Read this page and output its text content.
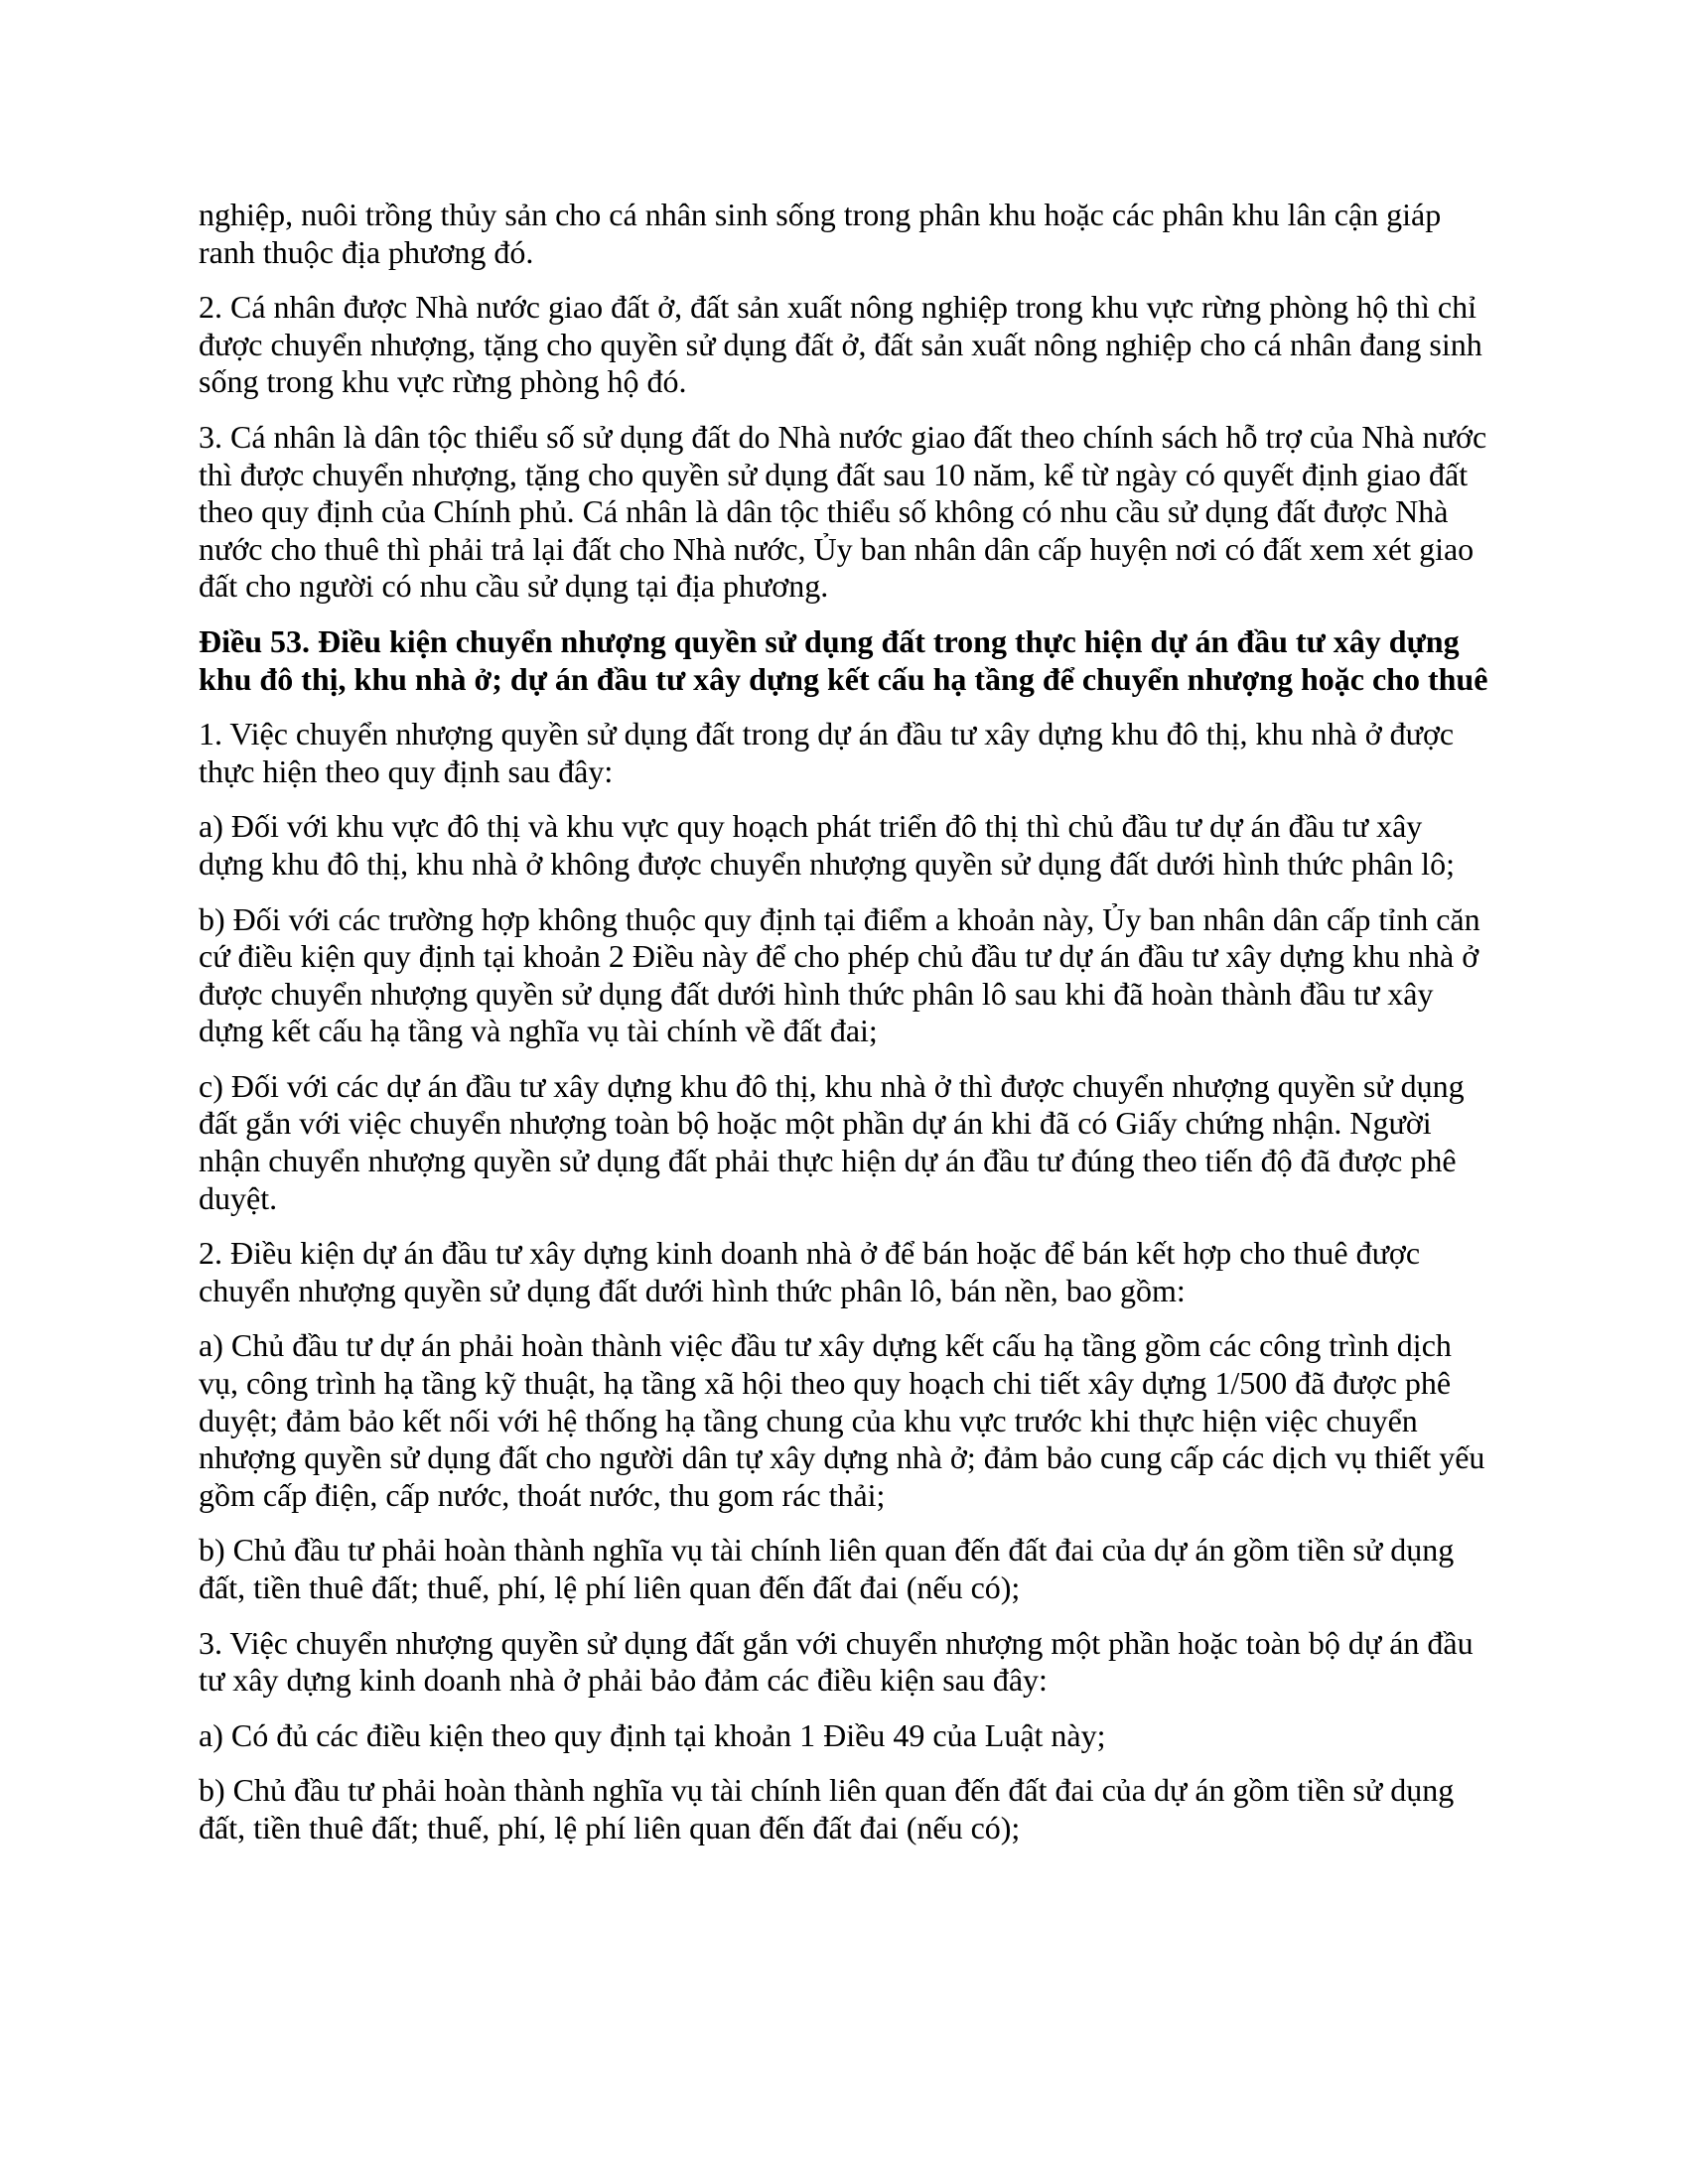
nghiệp, nuôi trồng thủy sản cho cá nhân sinh sống trong phân khu hoặc các phân khu lân cận giáp ranh thuộc địa phương đó.

2. Cá nhân được Nhà nước giao đất ở, đất sản xuất nông nghiệp trong khu vực rừng phòng hộ thì chỉ được chuyển nhượng, tặng cho quyền sử dụng đất ở, đất sản xuất nông nghiệp cho cá nhân đang sinh sống trong khu vực rừng phòng hộ đó.

3. Cá nhân là dân tộc thiểu số sử dụng đất do Nhà nước giao đất theo chính sách hỗ trợ của Nhà nước thì được chuyển nhượng, tặng cho quyền sử dụng đất sau 10 năm, kể từ ngày có quyết định giao đất theo quy định của Chính phủ. Cá nhân là dân tộc thiểu số không có nhu cầu sử dụng đất được Nhà nước cho thuê thì phải trả lại đất cho Nhà nước, Ủy ban nhân dân cấp huyện nơi có đất xem xét giao đất cho người có nhu cầu sử dụng tại địa phương.

Điều 53. Điều kiện chuyển nhượng quyền sử dụng đất trong thực hiện dự án đầu tư xây dựng khu đô thị, khu nhà ở; dự án đầu tư xây dựng kết cấu hạ tầng để chuyển nhượng hoặc cho thuê

1. Việc chuyển nhượng quyền sử dụng đất trong dự án đầu tư xây dựng khu đô thị, khu nhà ở được thực hiện theo quy định sau đây:

a) Đối với khu vực đô thị và khu vực quy hoạch phát triển đô thị thì chủ đầu tư dự án đầu tư xây dựng khu đô thị, khu nhà ở không được chuyển nhượng quyền sử dụng đất dưới hình thức phân lô;

b) Đối với các trường hợp không thuộc quy định tại điểm a khoản này, Ủy ban nhân dân cấp tỉnh căn cứ điều kiện quy định tại khoản 2 Điều này để cho phép chủ đầu tư dự án đầu tư xây dựng khu nhà ở được chuyển nhượng quyền sử dụng đất dưới hình thức phân lô sau khi đã hoàn thành đầu tư xây dựng kết cấu hạ tầng và nghĩa vụ tài chính về đất đai;

c) Đối với các dự án đầu tư xây dựng khu đô thị, khu nhà ở thì được chuyển nhượng quyền sử dụng đất gắn với việc chuyển nhượng toàn bộ hoặc một phần dự án khi đã có Giấy chứng nhận. Người nhận chuyển nhượng quyền sử dụng đất phải thực hiện dự án đầu tư đúng theo tiến độ đã được phê duyệt.

2. Điều kiện dự án đầu tư xây dựng kinh doanh nhà ở để bán hoặc để bán kết hợp cho thuê được chuyển nhượng quyền sử dụng đất dưới hình thức phân lô, bán nền, bao gồm:

a) Chủ đầu tư dự án phải hoàn thành việc đầu tư xây dựng kết cấu hạ tầng gồm các công trình dịch vụ, công trình hạ tầng kỹ thuật, hạ tầng xã hội theo quy hoạch chi tiết xây dựng 1/500 đã được phê duyệt; đảm bảo kết nối với hệ thống hạ tầng chung của khu vực trước khi thực hiện việc chuyển nhượng quyền sử dụng đất cho người dân tự xây dựng nhà ở; đảm bảo cung cấp các dịch vụ thiết yếu gồm cấp điện, cấp nước, thoát nước, thu gom rác thải;

b) Chủ đầu tư phải hoàn thành nghĩa vụ tài chính liên quan đến đất đai của dự án gồm tiền sử dụng đất, tiền thuê đất; thuế, phí, lệ phí liên quan đến đất đai (nếu có);

3. Việc chuyển nhượng quyền sử dụng đất gắn với chuyển nhượng một phần hoặc toàn bộ dự án đầu tư xây dựng kinh doanh nhà ở phải bảo đảm các điều kiện sau đây:

a) Có đủ các điều kiện theo quy định tại khoản 1 Điều 49 của Luật này;

b) Chủ đầu tư phải hoàn thành nghĩa vụ tài chính liên quan đến đất đai của dự án gồm tiền sử dụng đất, tiền thuê đất; thuế, phí, lệ phí liên quan đến đất đai (nếu có);
